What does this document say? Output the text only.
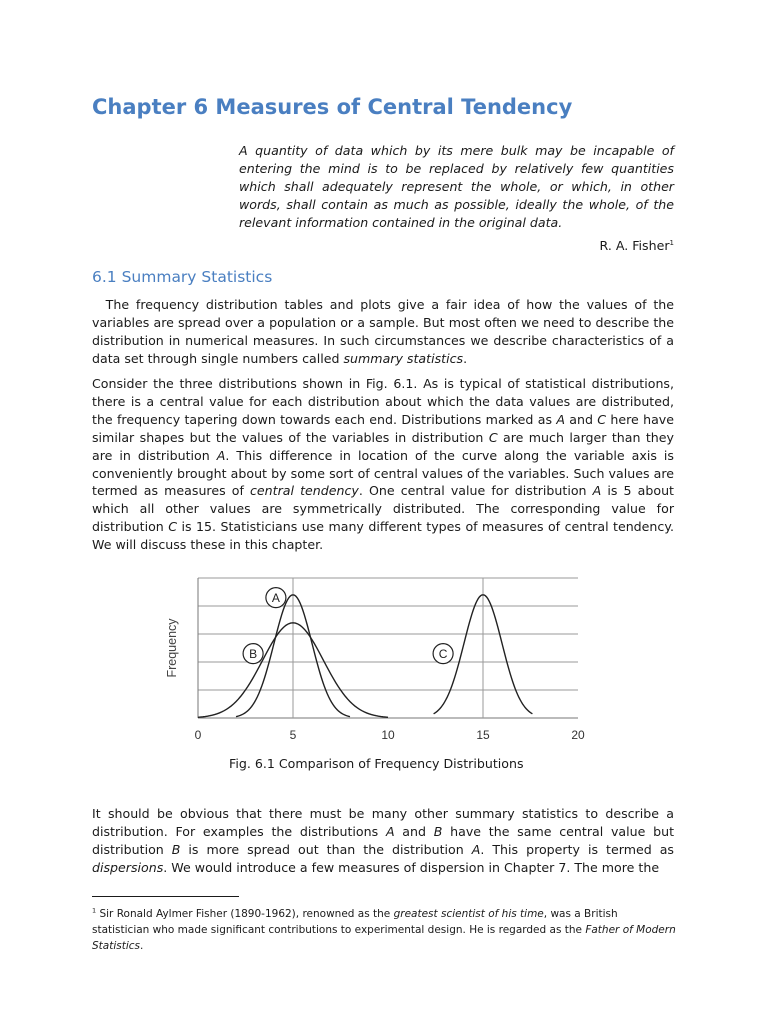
Chapter 6 Measures of Central Tendency

A quantity of data which by its mere bulk may be incapable of entering the mind is to be replaced by relatively few quantities which shall adequately represent the whole, or which, in other words, shall contain as much as possible, ideally the whole, of the relevant information contained in the original data.

R. A. Fisher$^1$

6.1 Summary Statistics

The frequency distribution tables and plots give a fair idea of how the values of the variables are spread over a population or a sample. But most often we need to describe the distribution in numerical measures. In such circumstances we describe characteristics of a data set through single numbers called summary statistics.

Consider the three distributions shown in Fig. 6.1. As is typical of statistical distributions, there is a central value for each distribution about which the data values are distributed, the frequency tapering down towards each end. Distributions marked as A and C here have similar shapes but the values of the variables in distribution C are much larger than they are in distribution A. This difference in location of the curve along the variable axis is conveniently brought about by some sort of central values of the variables. Such values are termed as measures of central tendency. One central value for distribution A is 5 about which all other values are symmetrically distributed. The corresponding value for distribution C is 15. Statisticians use many different types of measures of central tendency. We will discuss these in this chapter.

Frequency
0	5	10	15	20
A
B	C

Fig. 6.1 Comparison of Frequency Distributions

It should be obvious that there must be many other summary statistics to describe a distribution. For examples the distributions A and B have the same central value but distribution B is more spread out than the distribution A. This property is termed as dispersions. We would introduce a few measures of dispersion in Chapter 7. The more the

$^1$ Sir Ronald Aylmer Fisher (1890-1962), renowned as the greatest scientist of his time, was a British statistician who made significant contributions to experimental design. He is regarded as the Father of Modern Statistics.
